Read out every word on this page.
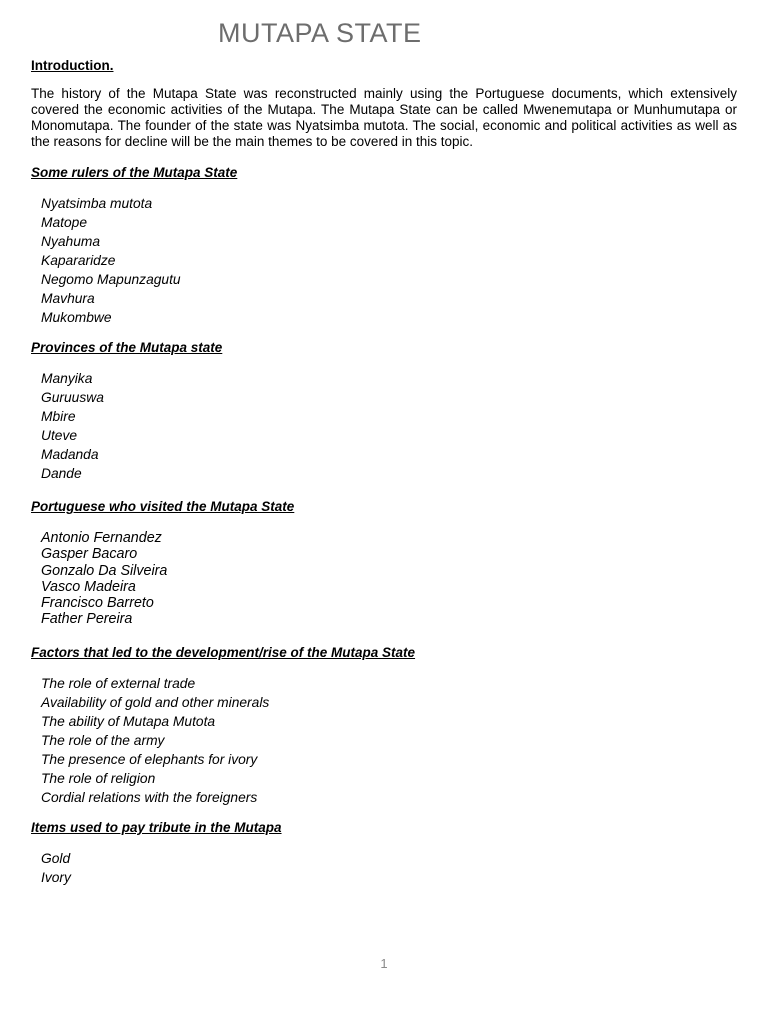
MUTAPA STATE

Introduction.

The history of the Mutapa State was reconstructed mainly using the Portuguese documents, which extensively covered the economic activities of the Mutapa. The Mutapa State can be called Mwenemutapa or Munhumutapa or Monomutapa. The founder of the state was Nyatsimba mutota. The social, economic and political activities as well as the reasons for decline will be the main themes to be covered in this topic.

Some rulers of the Mutapa State

Nyatsimba mutota
Matope
Nyahuma
Kapararidze
Negomo Mapunzagutu
Mavhura
Mukombwe

Provinces of the Mutapa state

Manyika
Guruuswa
Mbire
Uteve
Madanda
Dande

Portuguese who visited the Mutapa State

Antonio Fernandez
Gasper Bacaro
Gonzalo Da Silveira
Vasco Madeira
Francisco Barreto
Father Pereira

Factors that led to the development/rise of the Mutapa State

The role of external trade
Availability of gold and other minerals
The ability of Mutapa Mutota
The role of the army
The presence of elephants for ivory
The role of religion
Cordial relations with the foreigners

Items used to pay tribute in the Mutapa

Gold
Ivory
1
